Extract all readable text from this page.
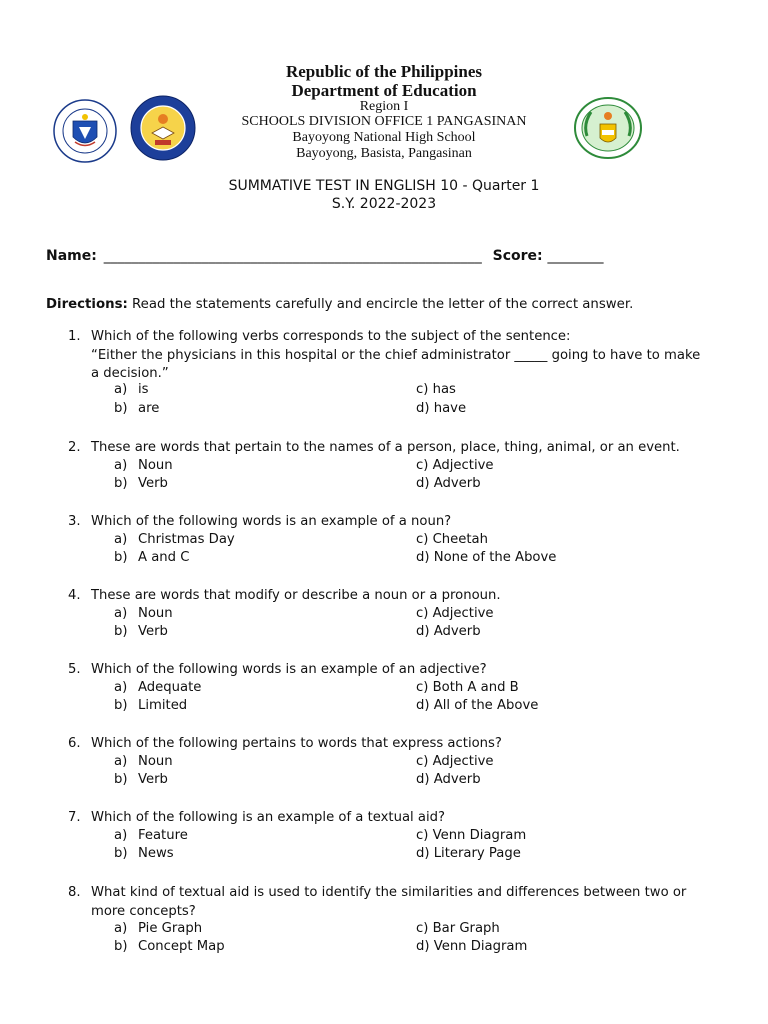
Republic of the Philippines
Department of Education
Region I
SCHOOLS DIVISION OFFICE 1 PANGASINAN
Bayoyong National High School
Bayoyong, Basista, Pangasinan
SUMMATIVE TEST IN ENGLISH 10 - Quarter 1
S.Y. 2022-2023
Name: ______________________________________________________ Score: ________
Directions: Read the statements carefully and encircle the letter of the correct answer.
1. Which of the following verbs corresponds to the subject of the sentence:
“Either the physicians in this hospital or the chief administrator _____ going to have to make a decision.”
a) is
b) are
c) has
d) have
2. These are words that pertain to the names of a person, place, thing, animal, or an event.
a) Noun
b) Verb
c) Adjective
d) Adverb
3. Which of the following words is an example of a noun?
a) Christmas Day
b) A and C
c) Cheetah
d) None of the Above
4. These are words that modify or describe a noun or a pronoun.
a) Noun
b) Verb
c) Adjective
d) Adverb
5. Which of the following words is an example of an adjective?
a) Adequate
b) Limited
c) Both A and B
d) All of the Above
6. Which of the following pertains to words that express actions?
a) Noun
b) Verb
c) Adjective
d) Adverb
7. Which of the following is an example of a textual aid?
a) Feature
b) News
c) Venn Diagram
d) Literary Page
8. What kind of textual aid is used to identify the similarities and differences between two or more concepts?
a) Pie Graph
b) Concept Map
c) Bar Graph
d) Venn Diagram
